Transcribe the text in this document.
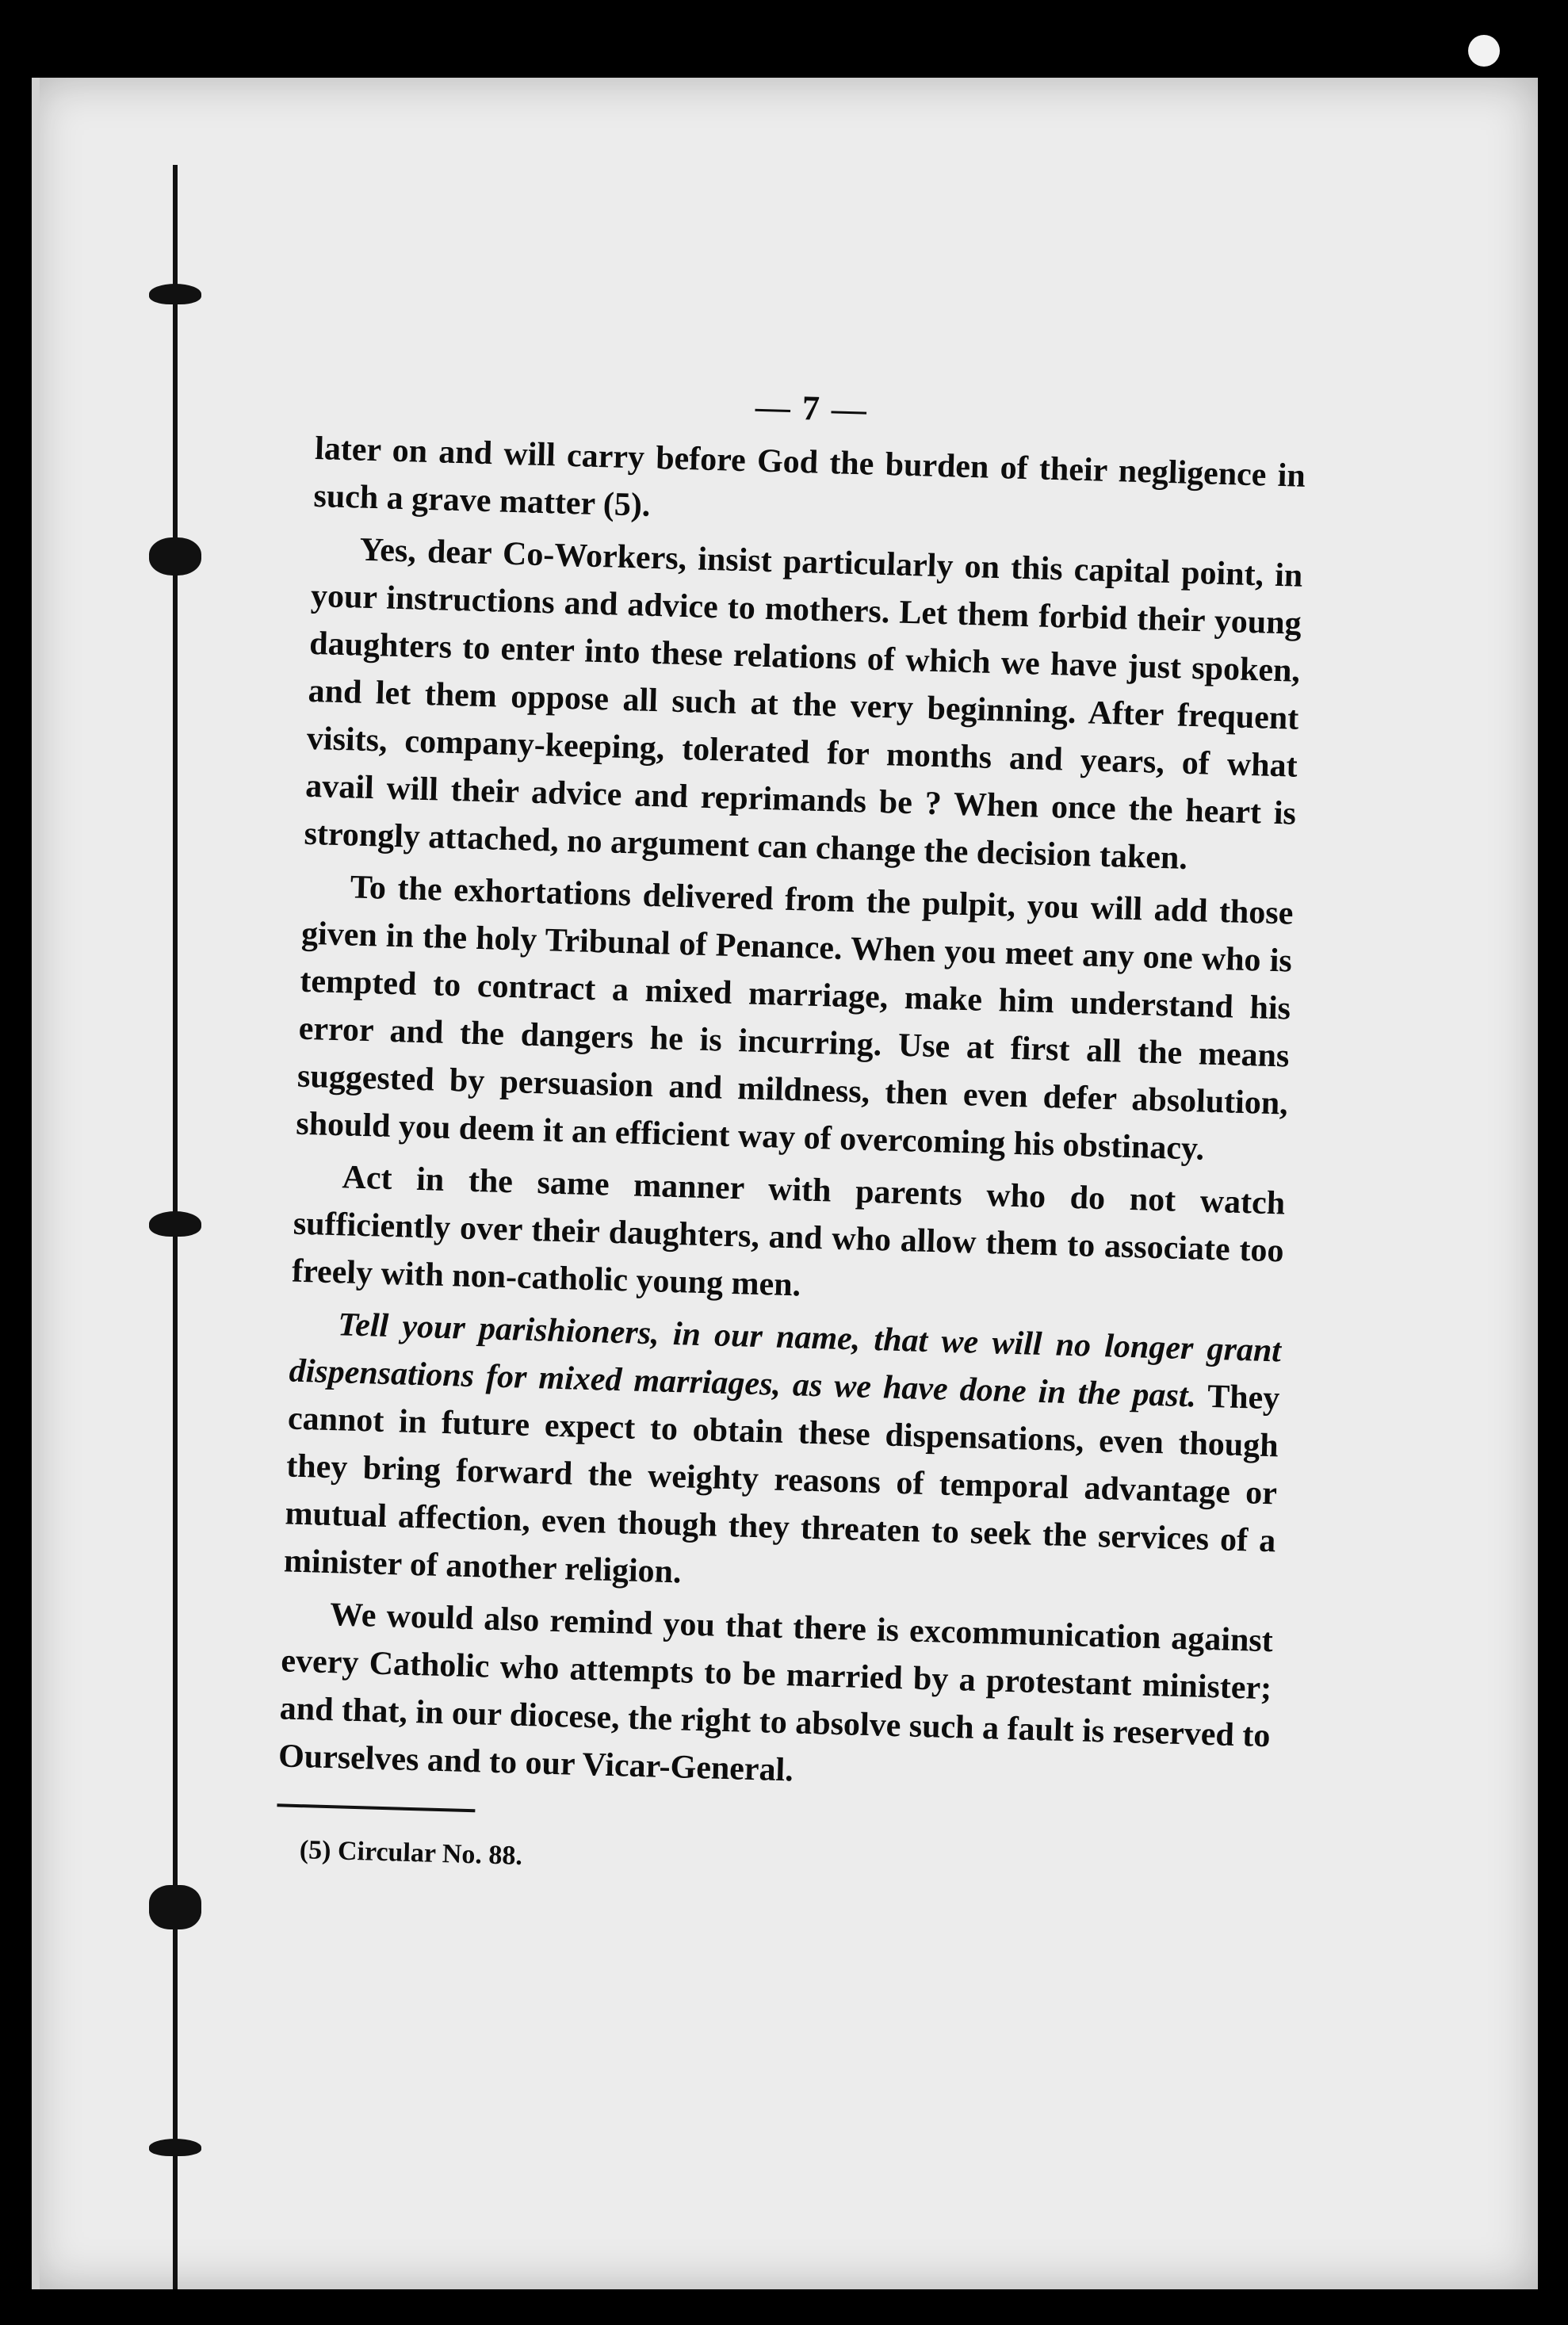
— 7 —

later on and will carry before God the burden of their negligence in such a grave matter (5).

Yes, dear Co-Workers, insist particularly on this capital point, in your instructions and advice to mothers. Let them forbid their young daughters to enter into these relations of which we have just spoken, and let them oppose all such at the very beginning. After frequent visits, company-keeping, tolerated for months and years, of what avail will their advice and reprimands be ? When once the heart is strongly attached, no argument can change the decision taken.

To the exhortations delivered from the pulpit, you will add those given in the holy Tribunal of Penance. When you meet any one who is tempted to contract a mixed marriage, make him understand his error and the dangers he is incurring. Use at first all the means suggested by persuasion and mildness, then even defer absolution, should you deem it an efficient way of overcoming his obstinacy.

Act in the same manner with parents who do not watch sufficiently over their daughters, and who allow them to associate too freely with non-catholic young men.

Tell your parishioners, in our name, that we will no longer grant dispensations for mixed marriages, as we have done in the past. They cannot in future expect to obtain these dispensations, even though they bring forward the weighty reasons of temporal advantage or mutual affection, even though they threaten to seek the services of a minister of another religion.

We would also remind you that there is excommunication against every Catholic who attempts to be married by a protestant minister; and that, in our diocese, the right to absolve such a fault is reserved to Ourselves and to our Vicar-General.

(5) Circular No. 88.
